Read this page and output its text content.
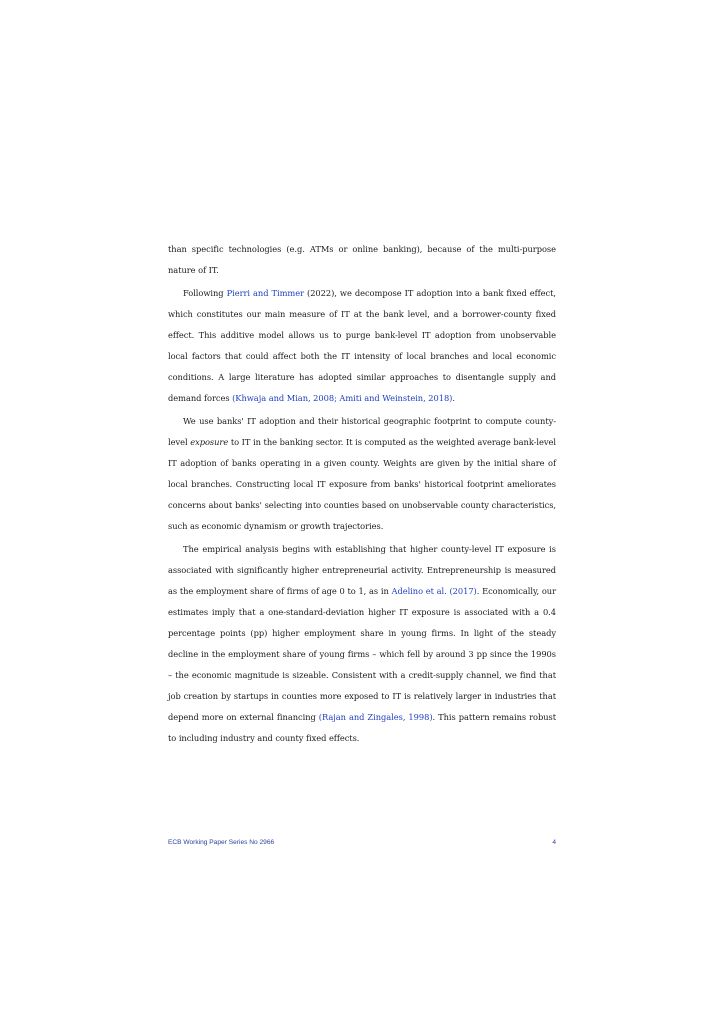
than specific technologies (e.g. ATMs or online banking), because of the multi-purpose nature of IT.

Following Pierri and Timmer (2022), we decompose IT adoption into a bank fixed effect, which constitutes our main measure of IT at the bank level, and a borrower-county fixed effect. This additive model allows us to purge bank-level IT adoption from unobservable local factors that could affect both the IT intensity of local branches and local economic conditions. A large literature has adopted similar approaches to disentangle supply and demand forces (Khwaja and Mian, 2008; Amiti and Weinstein, 2018).

We use banks' IT adoption and their historical geographic footprint to compute county-level exposure to IT in the banking sector. It is computed as the weighted average bank-level IT adoption of banks operating in a given county. Weights are given by the initial share of local branches. Constructing local IT exposure from banks' historical footprint ameliorates concerns about banks' selecting into counties based on unobservable county characteristics, such as economic dynamism or growth trajectories.

The empirical analysis begins with establishing that higher county-level IT exposure is associated with significantly higher entrepreneurial activity. Entrepreneurship is measured as the employment share of firms of age 0 to 1, as in Adelino et al. (2017). Economically, our estimates imply that a one-standard-deviation higher IT exposure is associated with a 0.4 percentage points (pp) higher employment share in young firms. In light of the steady decline in the employment share of young firms – which fell by around 3 pp since the 1990s – the economic magnitude is sizeable. Consistent with a credit-supply channel, we find that job creation by startups in counties more exposed to IT is relatively larger in industries that depend more on external financing (Rajan and Zingales, 1998). This pattern remains robust to including industry and county fixed effects.

ECB Working Paper Series No 2966	4
